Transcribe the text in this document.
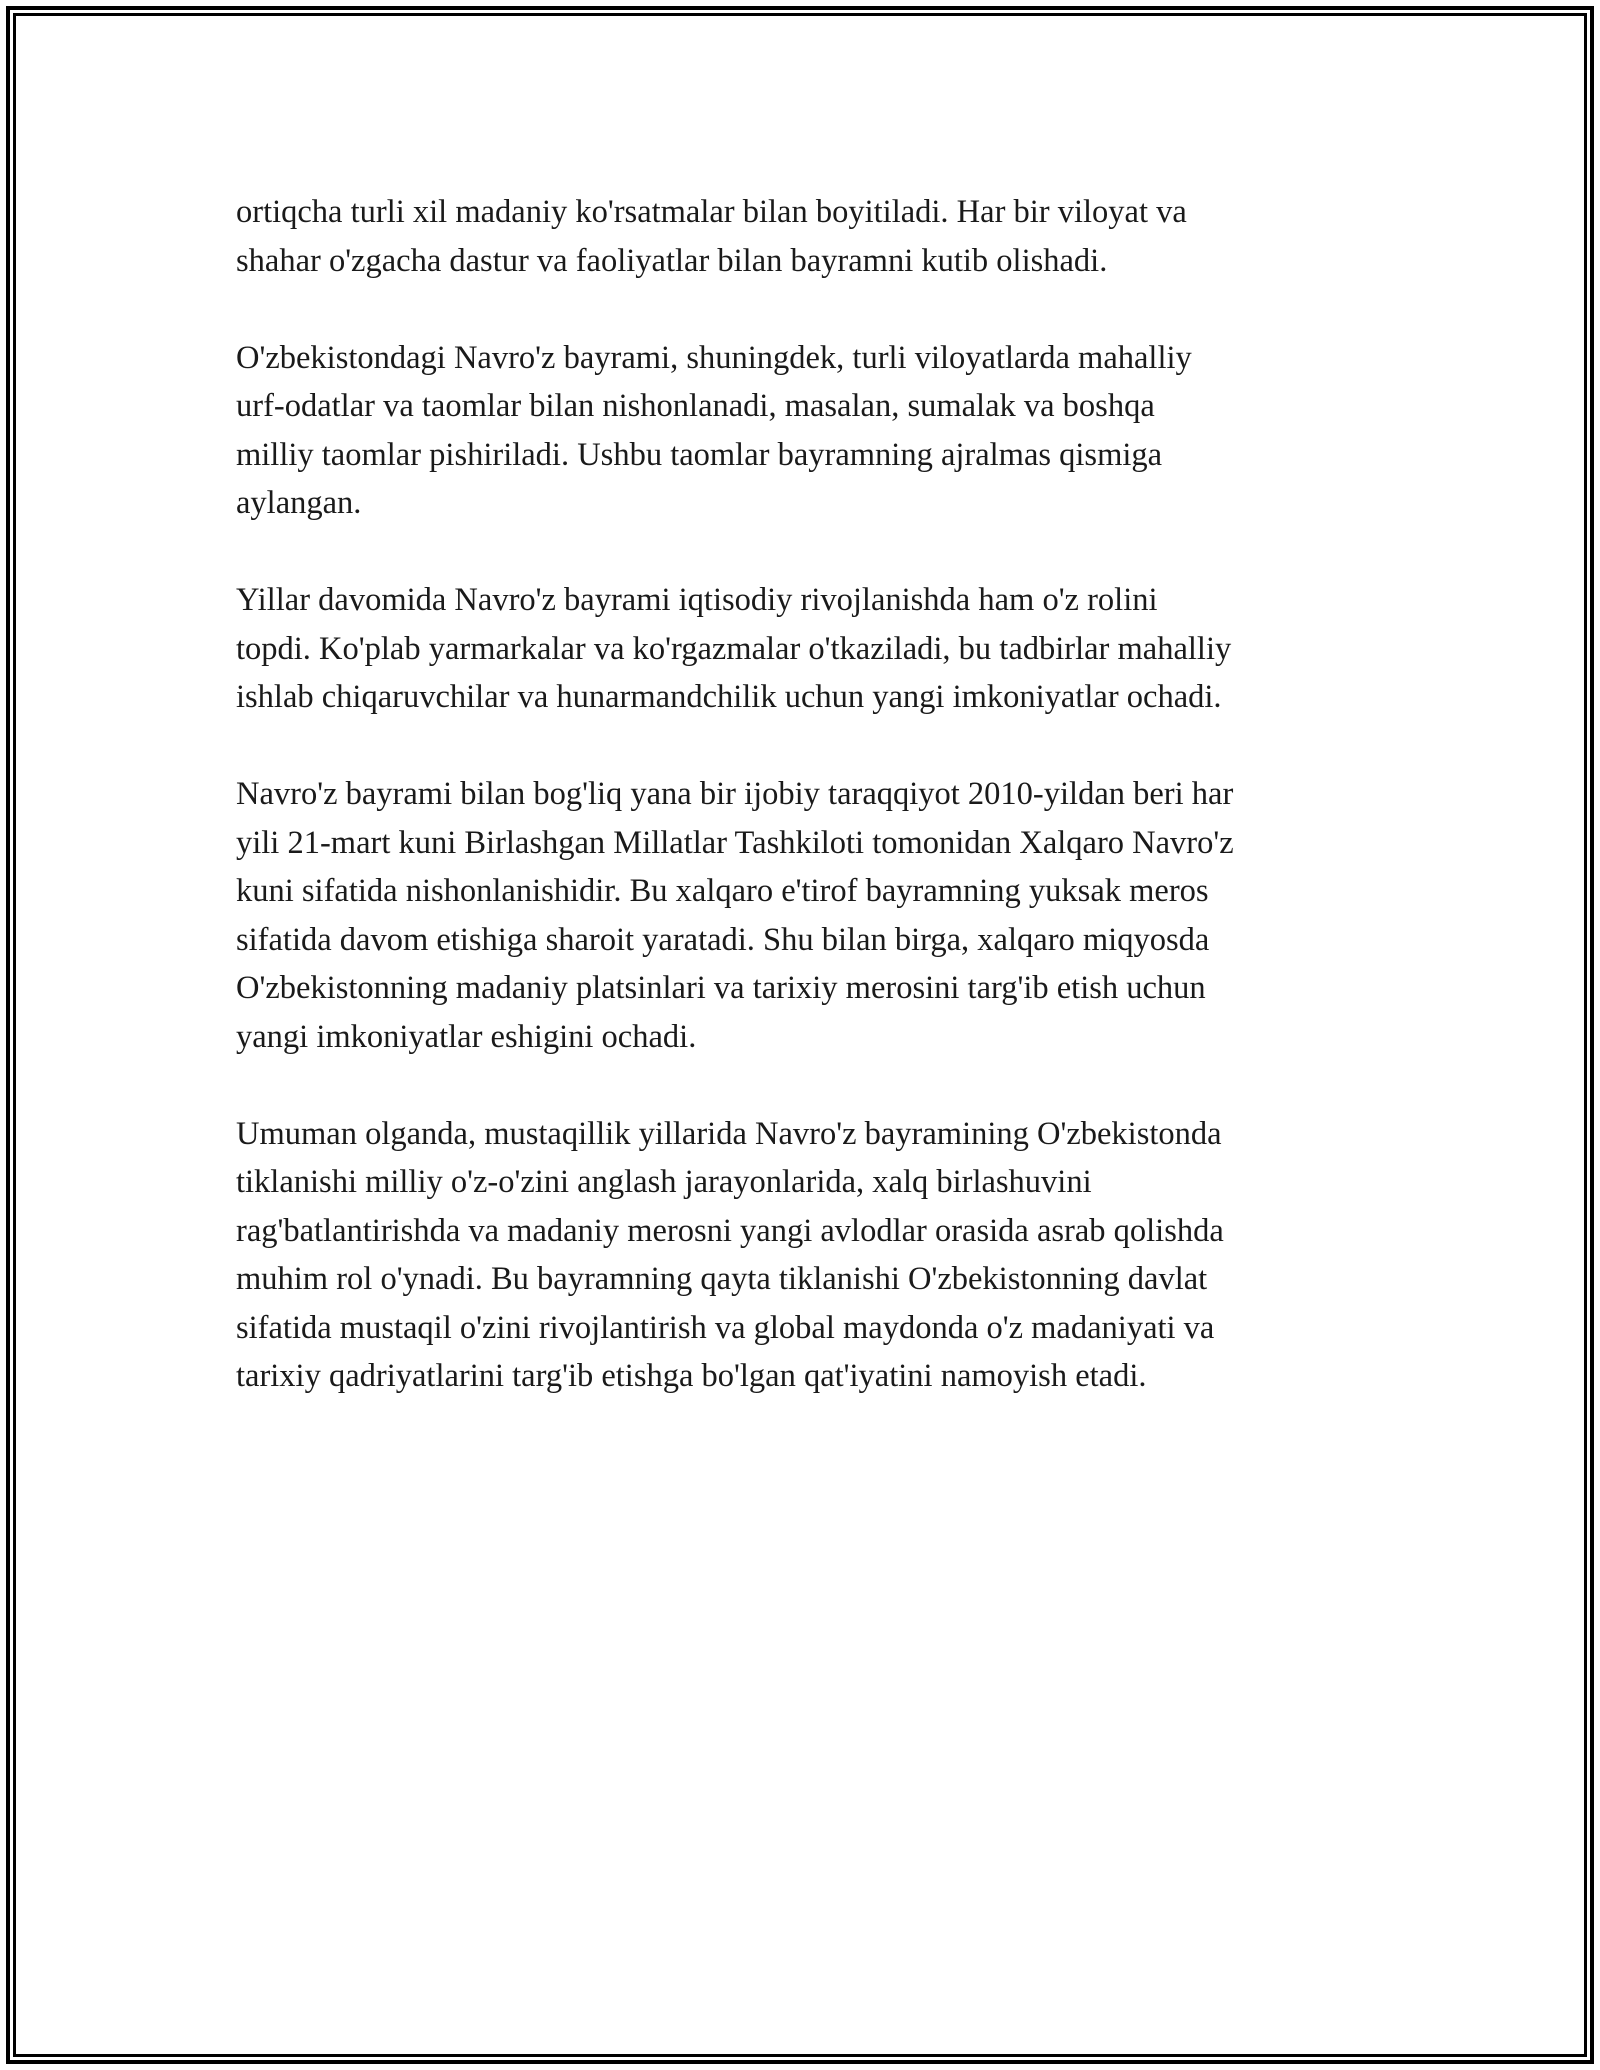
ortiqcha turli xil madaniy ko'rsatmalar bilan boyitiladi. Har bir viloyat va
shahar o'zgacha dastur va faoliyatlar bilan bayramni kutib olishadi.

O'zbekistondagi Navro'z bayrami, shuningdek, turli viloyatlarda mahalliy
urf-odatlar va taomlar bilan nishonlanadi, masalan, sumalak va boshqa
milliy taomlar pishiriladi. Ushbu taomlar bayramning ajralmas qismiga
aylangan.

Yillar davomida Navro'z bayrami iqtisodiy rivojlanishda ham o'z rolini
topdi. Ko'plab yarmarkalar va ko'rgazmalar o'tkaziladi, bu tadbirlar mahalliy
ishlab chiqaruvchilar va hunarmandchilik uchun yangi imkoniyatlar ochadi.

Navro'z bayrami bilan bog'liq yana bir ijobiy taraqqiyot 2010-yildan beri har
yili 21-mart kuni Birlashgan Millatlar Tashkiloti tomonidan Xalqaro Navro'z
kuni sifatida nishonlanishidir. Bu xalqaro e'tirof bayramning yuksak meros
sifatida davom etishiga sharoit yaratadi. Shu bilan birga, xalqaro miqyosda
O'zbekistonning madaniy platsinlari va tarixiy merosini targ'ib etish uchun
yangi imkoniyatlar eshigini ochadi.

Umuman olganda, mustaqillik yillarida Navro'z bayramining O'zbekistonda
tiklanishi milliy o'z-o'zini anglash jarayonlarida, xalq birlashuvini
rag'batlantirishda va madaniy merosni yangi avlodlar orasida asrab qolishda
muhim rol o'ynadi. Bu bayramning qayta tiklanishi O'zbekistonning davlat
sifatida mustaqil o'zini rivojlantirish va global maydonda o'z madaniyati va
tarixiy qadriyatlarini targ'ib etishga bo'lgan qat'iyatini namoyish etadi.
